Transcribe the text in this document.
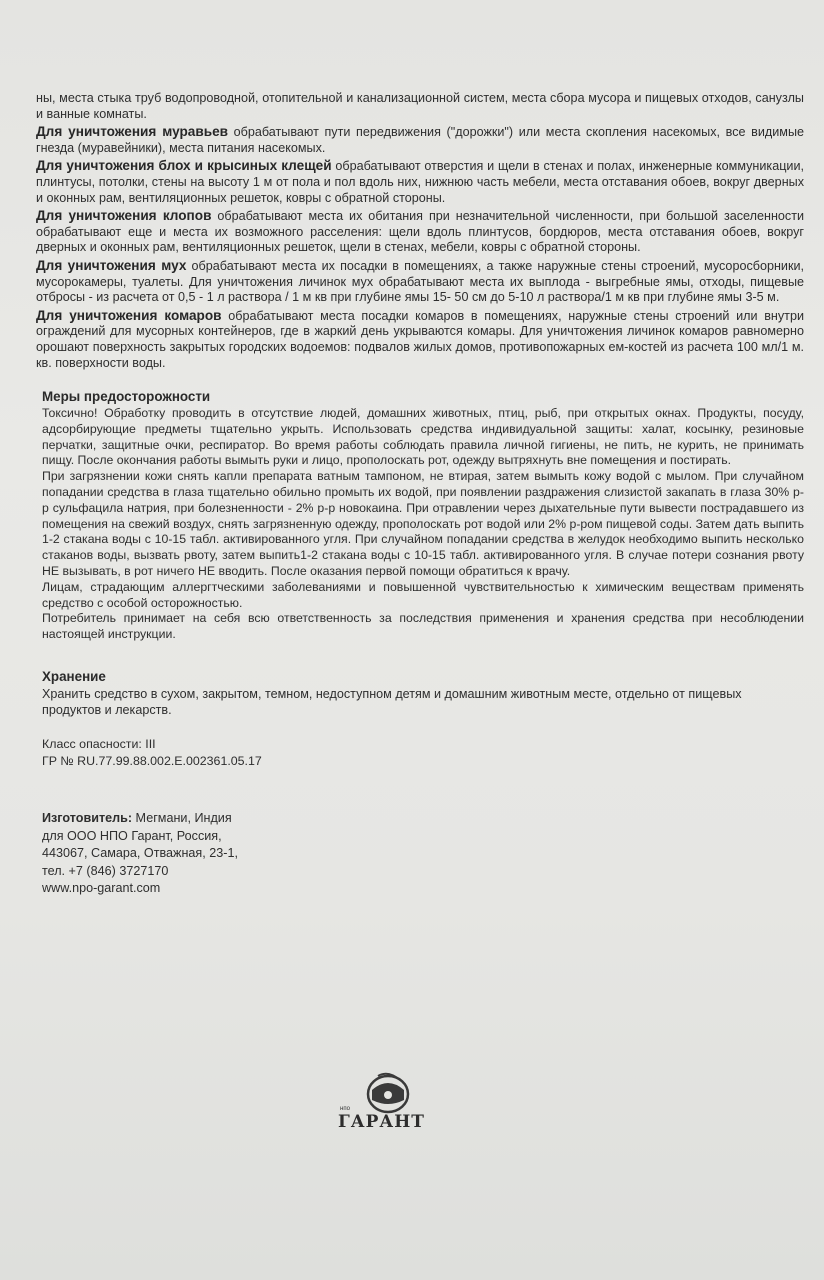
ны, места стыка труб водопроводной, отопительной и канализационной систем, места сбора мусора и пищевых отходов, санузлы и ванные комнаты.

Для уничтожения муравьев обрабатывают пути передвижения ("дорожки") или места скопления насекомых, все видимые гнезда (муравейники), места питания насекомых.

Для уничтожения блох и крысиных клещей обрабатывают отверстия и щели в стенах и полах, инженерные коммуникации, плинтусы, потолки, стены на высоту 1 м от пола и пол вдоль них, нижнюю часть мебели, места отставания обоев, вокруг дверных и оконных рам, вентиляционных решеток, ковры с обратной стороны.

Для уничтожения клопов обрабатывают места их обитания при незначительной численности, при большой заселенности обрабатывают еще и места их возможного расселения: щели вдоль плинтусов, бордюров, места отставания обоев, вокруг дверных и оконных рам, вентиляционных решеток, щели в стенах, мебели, ковры с обратной стороны.

Для уничтожения мух обрабатывают места их посадки в помещениях, а также наружные стены строений, мусоросборники, мусорокамеры, туалеты. Для уничтожения личинок мух обрабатывают места их выплода - выгребные ямы, отходы, пищевые отбросы - из расчета от 0,5 - 1 л раствора / 1 м кв при глубине ямы 15- 50 см до 5-10 л раствора/1 м кв при глубине ямы 3-5 м.

Для уничтожения комаров обрабатывают места посадки комаров в помещениях, наружные стены строений или внутри ограждений для мусорных контейнеров, где в жаркий день укрываются комары. Для уничтожения личинок комаров равномерно орошают поверхность закрытых городских водоемов: подвалов жилых домов, противопожарных ем-костей из расчета 100 мл/1 м. кв. поверхности воды.

Меры предосторожности

Токсично! Обработку проводить в отсутствие людей, домашних животных, птиц, рыб, при открытых окнах. Продукты, посуду, адсорбирующие предметы тщательно укрыть. Использовать средства индивидуальной защиты: халат, косынку, резиновые перчатки, защитные очки, респиратор. Во время работы соблюдать правила личной гигиены, не пить, не курить, не принимать пищу. После окончания работы вымыть руки и лицо, прополоскать рот, одежду вытряхнуть вне помещения и постирать.

При загрязнении кожи снять капли препарата ватным тампоном, не втирая, затем вымыть кожу водой с мылом. При случайном попадании средства в глаза тщательно обильно промыть их водой, при появлении раздражения слизистой закапать в глаза 30% р-р сульфацила натрия, при болезненности - 2% р-р новокаина. При отравлении через дыхательные пути вывести пострадавшего из помещения на свежий воздух, снять загрязненную одежду, прополоскать рот водой или 2% р-ром пищевой соды. Затем дать выпить 1-2 стакана воды с 10-15 табл. активированного угля. При случайном попадании средства в желудок необходимо выпить несколько стаканов воды, вызвать рвоту, затем выпить1-2 стакана воды с 10-15 табл. активированного угля. В случае потери сознания рвоту НЕ вызывать, в рот ничего НЕ вводить. После оказания первой помощи обратиться к врачу.

Лицам, страдающим аллергтческими заболеваниями и повышенной чувствительностью к химическим веществам применять средство с особой осторожностью.

Потребитель принимает на себя всю ответственность за последствия применения и хранения средства при несоблюдении настоящей инструкции.

Хранение
Хранить средство в сухом, закрытом, темном, недоступном детям и домашним животным месте, отдельно от пищевых продуктов и лекарств.
Класс опасности: III
ГР № RU.77.99.88.002.E.002361.05.17
Изготовитель: Мегмани, Индия
для ООО НПО Гарант, Россия,
443067, Самара, Отважная, 23-1,
тел. +7 (846) 3727170
www.npo-garant.com
нпо
ГАРАНТ
